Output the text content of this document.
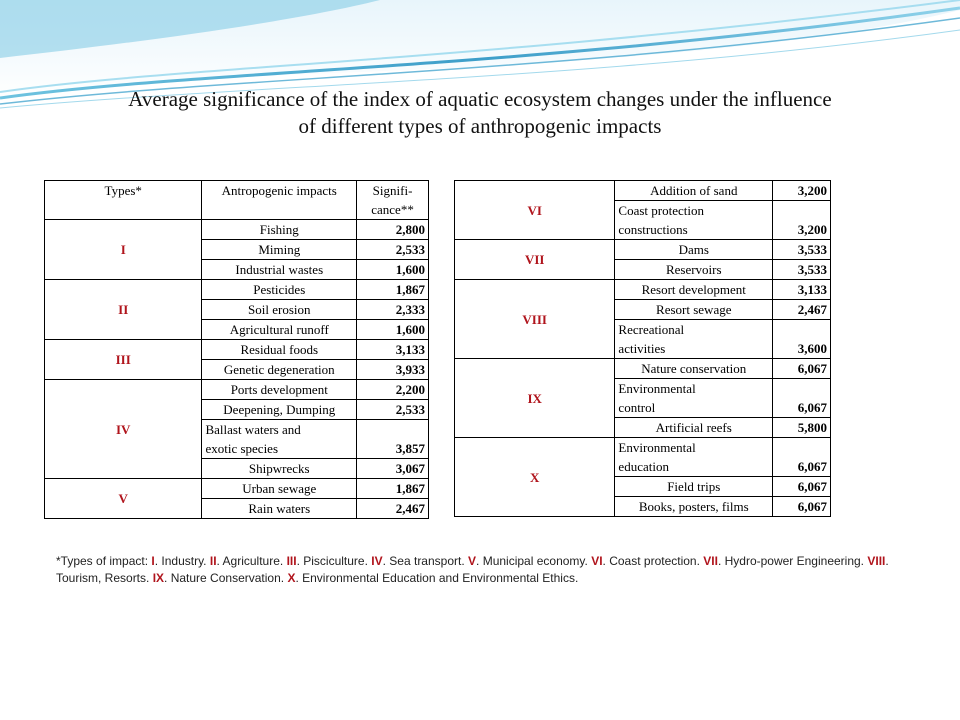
Average significance of the index of aquatic ecosystem changes under the influence
of different types of anthropogenic impacts
Types*	Antropogenic impacts	Signifi-
cance**

I	Fishing	2,800
	Miming	2,533
	Industrial wastes	1,600
II	Pesticides	1,867
	Soil erosion	2,333
	Agricultural runoff	1,600
III	Residual foods	3,133
	Genetic degeneration	3,933
IV	Ports development	2,200
	Deepening, Dumping	2,533

	Ballast waters and
exotic species	3,857
	Shipwrecks	3,067
V	Urban sewage	1,867
	Rain waters	2,467
VI	Addition of sand	3,200

	Coast protection
constructions	3,200
VII	Dams	3,533
	Reservoirs	3,533
VIII	Resort development	3,133
	Resort sewage	2,467

	Recreational
activities	3,600
IX	Nature conservation	6,067

	Environmental
control	6,067
	Artificial reefs	5,800
X	Environmental
education	6,067
	Field trips	6,067
	Books, posters, films	6,067
*Types of impact: I. Industry. II. Agriculture. III. Pisciculture. IV. Sea transport. V. Municipal economy. VI. Coast protection. VII. Hydro-power Engineering. VIII. Tourism, Resorts. IX. Nature Conservation. X. Environmental Education and Environmental Ethics.
